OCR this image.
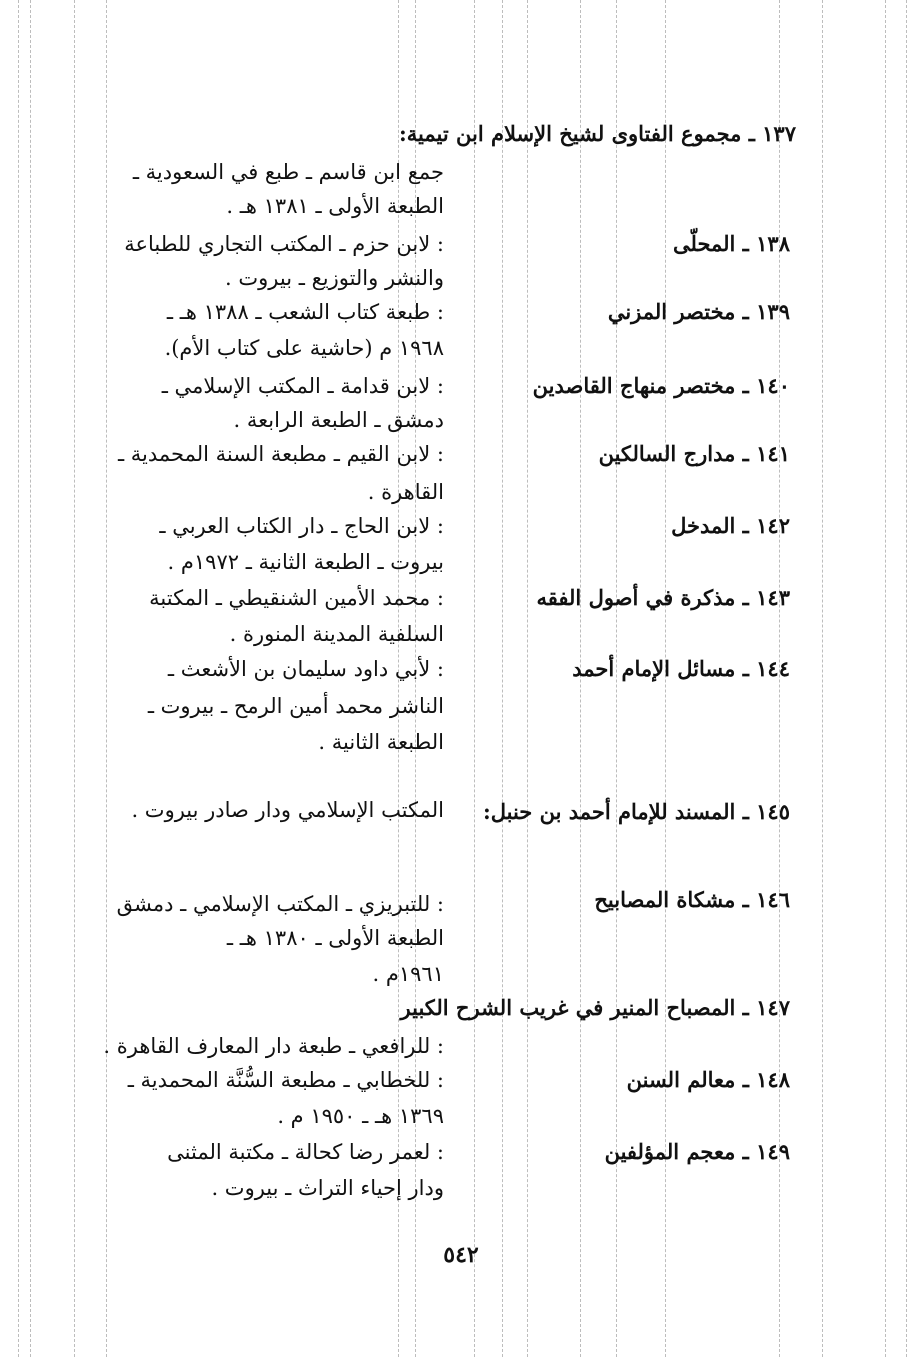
١٣٧ ـ مجموع الفتاوى لشيخ الإسلام ابن تيمية:
جمع ابن قاسم ـ طبع في السعودية ـ
الطبعة الأولى ـ ١٣٨١ هـ .
١٣٨ ـ المحلّى
: لابن حزم ـ المكتب التجاري للطباعة
والنشر والتوزيع ـ بيروت .
١٣٩ ـ مختصر المزني
: طبعة كتاب الشعب ـ ١٣٨٨ هـ ـ
١٩٦٨ م (حاشية على كتاب الأم).
١٤٠ ـ مختصر منهاج القاصدين
: لابن قدامة ـ المكتب الإسلامي ـ
دمشق ـ الطبعة الرابعة .
١٤١ ـ مدارج السالكين
: لابن القيم ـ مطبعة السنة المحمدية ـ
القاهرة .
١٤٢ ـ المدخل
: لابن الحاج ـ دار الكتاب العربي ـ
بيروت ـ الطبعة الثانية ـ ١٩٧٢م .
١٤٣ ـ مذكرة في أصول الفقه
: محمد الأمين الشنقيطي ـ المكتبة
السلفية المدينة المنورة .
١٤٤ ـ مسائل الإمام أحمد
: لأبي داود سليمان بن الأشعث ـ
الناشر محمد أمين الرمح ـ بيروت ـ
الطبعة الثانية .
١٤٥ ـ المسند للإمام أحمد بن حنبل:
المكتب الإسلامي ودار صادر بيروت .
١٤٦ ـ مشكاة المصابيح
: للتبريزي ـ المكتب الإسلامي ـ دمشق
الطبعة الأولى ـ ١٣٨٠ هـ ـ
١٩٦١م .
١٤٧ ـ المصباح المنير في غريب الشرح الكبير
: للرافعي ـ طبعة دار المعارف القاهرة .
١٤٨ ـ معالم السنن
: للخطابي ـ مطبعة السُّنَّة المحمدية ـ
١٣٦٩ هـ ـ ١٩٥٠ م .
١٤٩ ـ معجم المؤلفين
: لعمر رضا كحالة ـ مكتبة المثنى
ودار إحياء التراث ـ بيروت .
٥٤٢
